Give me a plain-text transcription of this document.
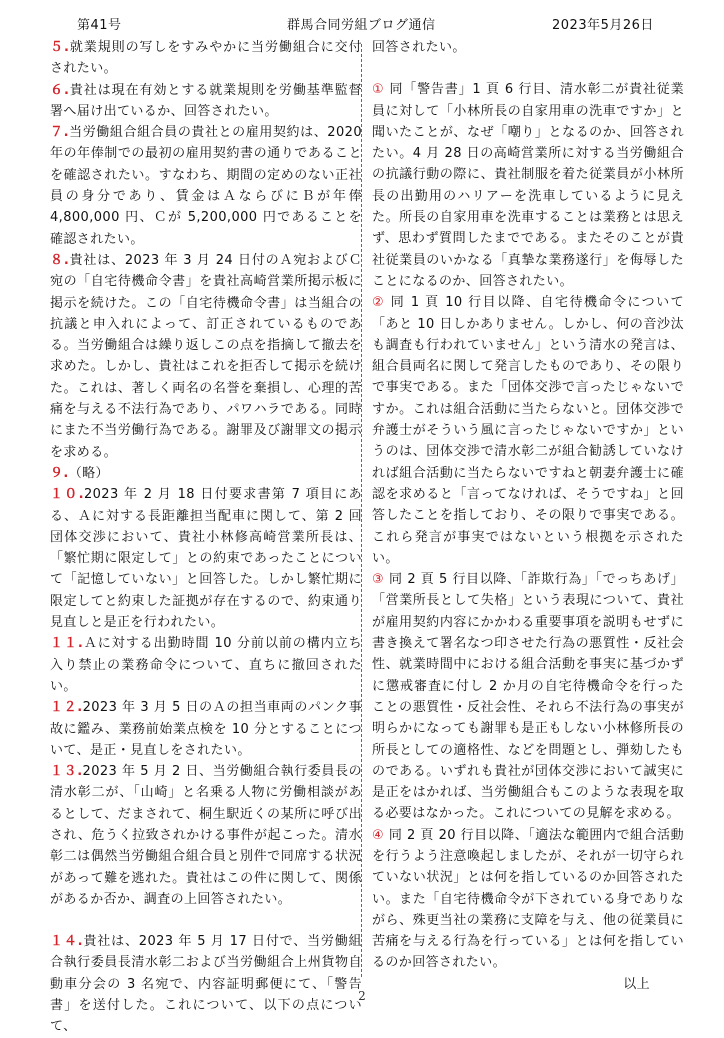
第41号	群馬合同労組ブログ通信	2023年5月26日

５.就業規則の写しをすみやかに当労働組合に交付されたい。

６.貴社は現在有効とする就業規則を労働基準監督署へ届け出ているか、回答されたい。

７.当労働組合組合員の貴社との雇用契約は、2020年の年俸制での最初の雇用契約書の通りであることを確認されたい。すなわち、期間の定めのない正社員の身分であり、賃金はＡならびにＢが年俸 4,800,000 円、Ｃが 5,200,000 円であることを確認されたい。

８.貴社は、2023 年 3 月 24 日付のＡ宛およびＣ宛の「自宅待機命令書」を貴社高崎営業所掲示板に掲示を続けた。この「自宅待機命令書」は当組合の抗議と申入れによって、訂正されているものである。当労働組合は繰り返しこの点を指摘して撤去を求めた。しかし、貴社はこれを拒否して掲示を続けた。これは、著しく両名の名誉を棄損し、心理的苦痛を与える不法行為であり、パワハラである。同時にまた不当労働行為である。謝罪及び謝罪文の掲示を求める。

９.（略）

１０.2023 年 2 月 18 日付要求書第 7 項目にある、Ａに対する長距離担当配車に関して、第 2 回団体交渉において、貴社小林修高崎営業所長は、「繁忙期に限定して」との約束であったことについて「記憶していない」と回答した。しかし繁忙期に限定してと約束した証拠が存在するので、約束通り見直しと是正を行われたい。

１１.Ａに対する出勤時間 10 分前以前の構内立ち入り禁止の業務命令について、直ちに撤回されたい。

１２.2023 年 3 月 5 日のＡの担当車両のパンク事故に鑑み、業務前始業点検を 10 分とすることについて、是正・見直しをされたい。

１３.2023 年 5 月 2 日、当労働組合執行委員長の清水彰二が、「山崎」と名乗る人物に労働相談があるとして、だまされて、桐生駅近くの某所に呼び出され、危うく拉致されかける事件が起こった。清水彰二は偶然当労働組合組合員と別件で同席する状況があって難を逃れた。貴社はこの件に関して、関係があるか否か、調査の上回答されたい。

１４.貴社は、2023 年 5 月 17 日付で、当労働組合執行委員長清水彰二および当労働組合上州貨物自動車分会の 3 名宛で、内容証明郵便にて、「警告書」を送付した。これについて、以下の点について、

回答されたい。

① 同「警告書」1 頁 6 行目、清水彰二が貴社従業員に対して「小林所長の自家用車の洗車ですか」と聞いたことが、なぜ「嘲り」となるのか、回答されたい。4 月 28 日の高崎営業所に対する当労働組合の抗議行動の際に、貴社制服を着た従業員が小林所長の出勤用のハリアーを洗車しているように見えた。所長の自家用車を洗車することは業務とは思えず、思わず質問したまでである。またそのことが貴社従業員のいかなる「真摯な業務遂行」を侮辱したことになるのか、回答されたい。

② 同 1 頁 10 行目以降、自宅待機命令について「あと 10 日しかありません。しかし、何の音沙汰も調査も行われていません」という清水の発言は、組合員両名に関して発言したものであり、その限りで事実である。また「団体交渉で言ったじゃないですか。これは組合活動に当たらないと。団体交渉で弁護士がそういう風に言ったじゃないですか」というのは、団体交渉で清水彰二が組合勧誘していなければ組合活動に当たらないですねと朝妻弁護士に確認を求めると「言ってなければ、そうですね」と回答したことを指しており、その限りで事実である。これら発言が事実ではないという根拠を示されたい。

③ 同 2 頁 5 行目以降、「詐欺行為」「でっちあげ」「営業所長として失格」という表現について、貴社が雇用契約内容にかかわる重要事項を説明もせずに書き換えて署名なつ印させた行為の悪質性・反社会性、就業時間中における組合活動を事実に基づかずに懲戒審査に付し 2 か月の自宅待機命令を行ったことの悪質性・反社会性、それら不法行為の事実が明らかになっても謝罪も是正もしない小林修所長の所長としての適格性、などを問題とし、弾劾したものである。いずれも貴社が団体交渉において誠実に是正をはかれば、当労働組合もこのような表現を取る必要はなかった。これについての見解を求める。

④ 同 2 頁 20 行目以降、「適法な範囲内で組合活動を行うよう注意喚起しましたが、それが一切守られていない状況」とは何を指しているのか回答されたい。また「自宅待機命令が下されている身でありながら、殊更当社の業務に支障を与え、他の従業員に苦痛を与える行為を行っている」とは何を指しているのか回答されたい。

以上

2
